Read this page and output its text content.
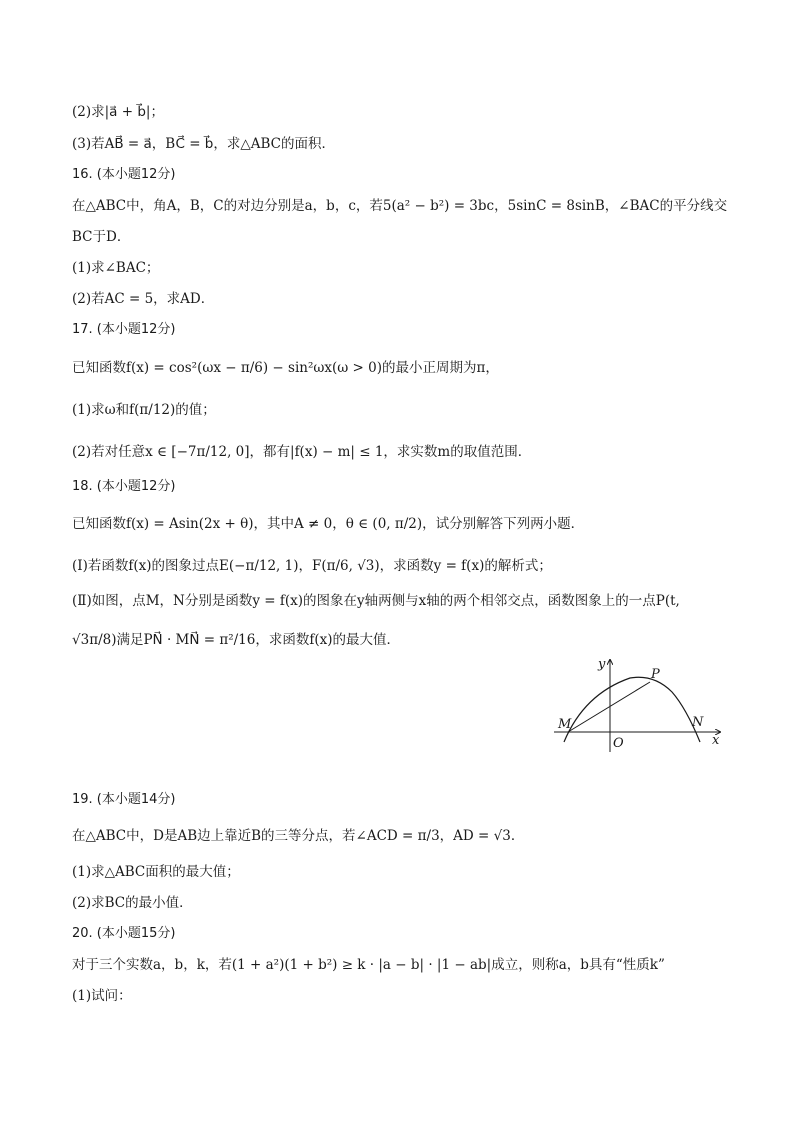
(2)求|a⃗ + b⃗|；
(3)若AB⃗ = a⃗，BC⃗ = b⃗，求△ABC的面积．
16. (本小题12分)
在△ABC中，角A，B，C的对边分别是a，b，c，若5(a² − b²) = 3bc，5sinC = 8sinB，∠BAC的平分线交
BC于D．
(1)求∠BAC；
(2)若AC = 5，求AD．
17. (本小题12分)
已知函数f(x) = cos²(ωx − π/6) − sin²ωx(ω > 0)的最小正周期为π，
(1)求ω和f(π/12)的值；
(2)若对任意x ∈ [−7π/12, 0]，都有|f(x) − m| ≤ 1，求实数m的取值范围．
18. (本小题12分)
已知函数f(x) = Asin(2x + θ)，其中A ≠ 0，θ ∈ (0, π/2)，试分别解答下列两小题．
(I)若函数f(x)的图象过点E(−π/12, 1)，F(π/6, √3)，求函数y = f(x)的解析式；
(Ⅱ)如图，点M，N分别是函数y = f(x)的图象在y轴两侧与x轴的两个相邻交点，函数图象上的一点P(t,
√3π/8)满足PN⃗ · MN⃗ = π²/16，求函数f(x)的最大值．
y
x
O
M	N
P
19. (本小题14分)
在△ABC中，D是AB边上靠近B的三等分点，若∠ACD = π/3，AD = √3．
(1)求△ABC面积的最大值；
(2)求BC的最小值．
20. (本小题15分)
对于三个实数a，b，k，若(1 + a²)(1 + b²) ≥ k · |a − b| · |1 − ab|成立，则称a，b具有“性质k”
(1)试问：
